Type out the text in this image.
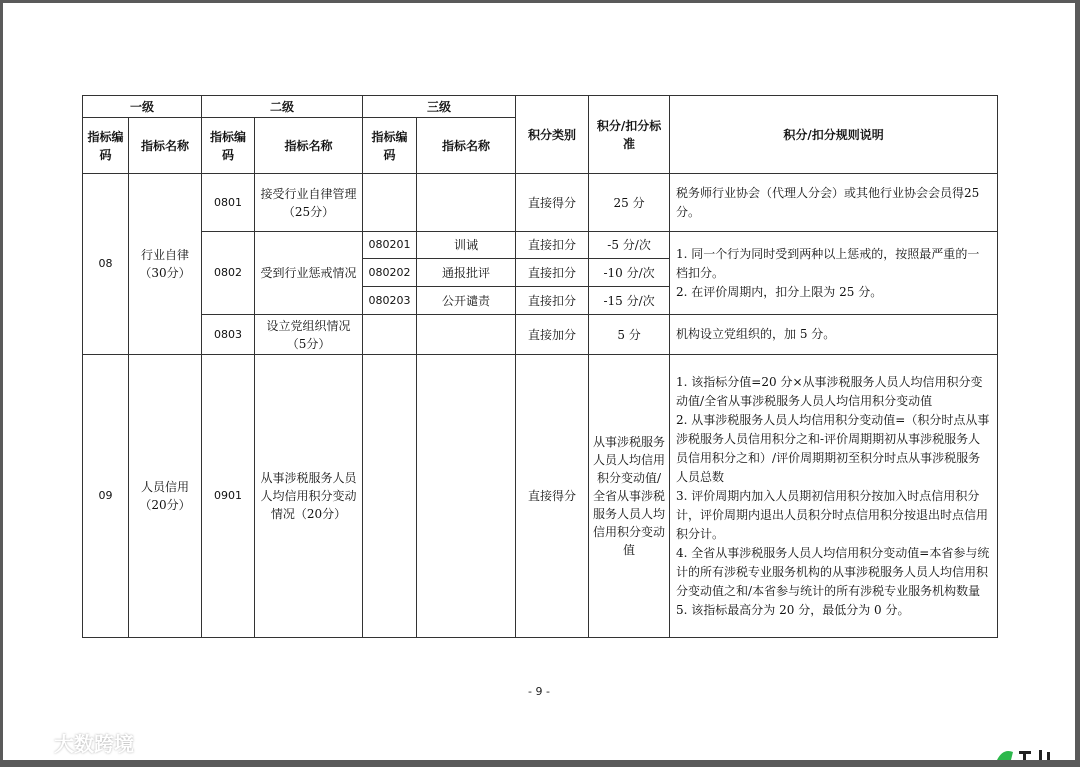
一级		二级		三级		积分类别	积分/扣分标准	积分/扣分规则说明
指标编码	指标名称	指标编码	指标名称	指标编码	指标名称			
08	行业自律（30分）	0801	接受行业自律管理（25分）			直接得分	25 分	税务师行业协会（代理人分会）或其他行业协会会员得25 分。
		0802	受到行业惩戒情况	080201	训诫	直接扣分	-5 分/次	1. 同一个行为同时受到两种以上惩戒的，按照最严重的一档扣分。
2. 在评价周期内，扣分上限为 25 分。

				080202	通报批评	直接扣分	-10 分/次	
				080203	公开谴责	直接扣分	-15 分/次	
		0803	设立党组织情况（5分）			直接加分	5 分	机构设立党组织的，加 5 分。
09	人员信用（20分）	0901	从事涉税服务人员人均信用积分变动情况（20分）			直接得分	从事涉税服务人员人均信用积分变动值/全省从事涉税服务人员人均信用积分变动值	1. 该指标分值=20 分×从事涉税服务人员人均信用积分变动值/全省从事涉税服务人员人均信用积分变动值
2. 从事涉税服务人员人均信用积分变动值=（积分时点从事涉税服务人员信用积分之和-评价周期期初从事涉税服务人员信用积分之和）/评价周期期初至积分时点从事涉税服务人员总数
3. 评价周期内加入人员期初信用积分按加入时点信用积分计，评价周期内退出人员积分时点信用积分按退出时点信用积分计。
4. 全省从事涉税服务人员人均信用积分变动值=本省参与统计的所有涉税专业服务机构的从事涉税服务人员人均信用积分变动值之和/本省参与统计的所有涉税专业服务机构数量
5. 该指标最高分为 20 分，最低分为 0 分。
- 9 -
大数跨境
